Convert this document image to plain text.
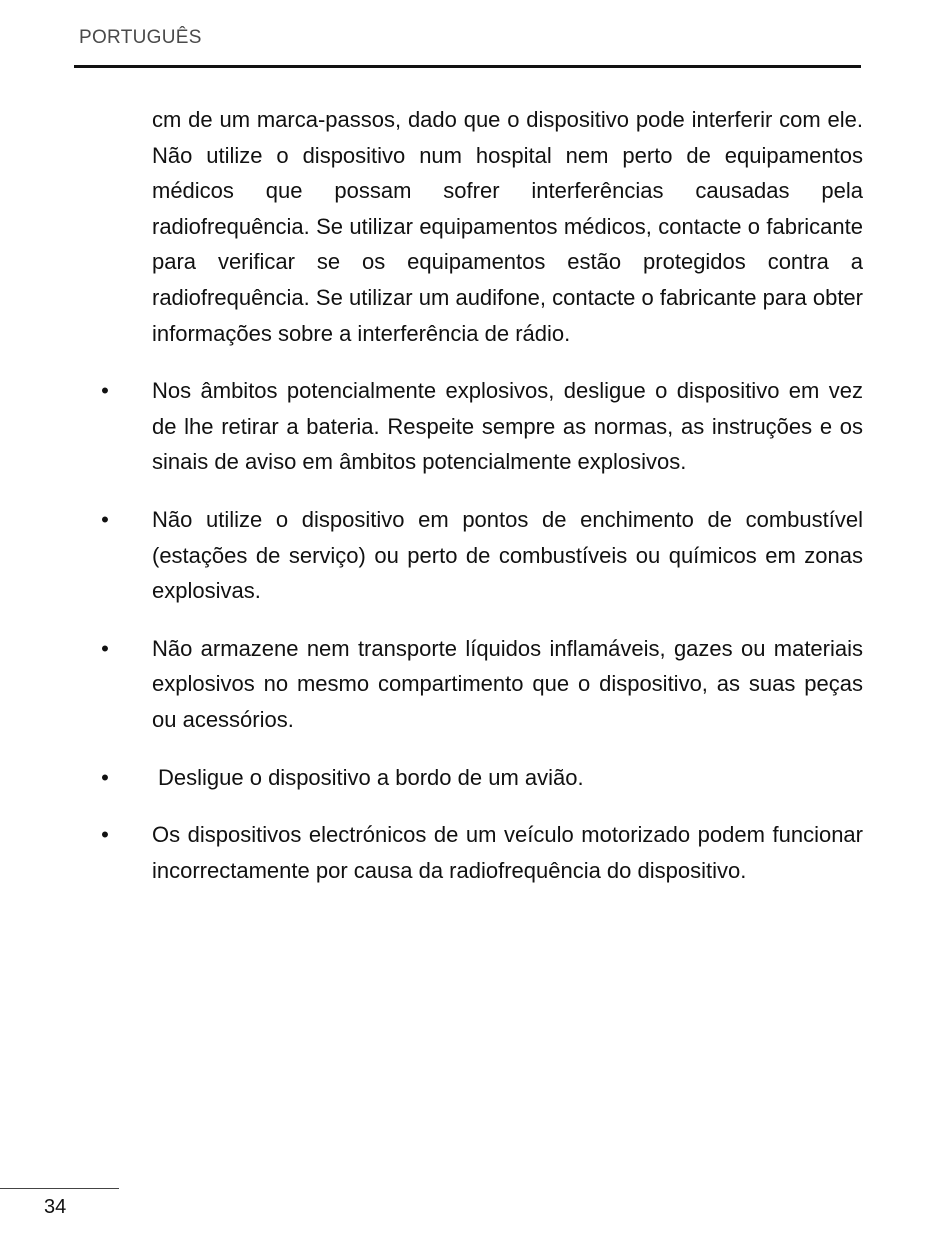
PORTUGUÊS

cm de um marca-passos, dado que o dispositivo pode interferir com ele. Não utilize o dispositivo num hospital nem perto de equipamentos médicos que possam sofrer interferências causadas pela radiofrequência. Se utilizar equipamentos médicos, contacte o fabricante para verificar se os equipamentos estão protegidos contra a radiofrequência. Se utilizar um audifone, contacte o fabricante para obter informações sobre a interferência de rádio.

• Nos âmbitos potencialmente explosivos, desligue o dispositivo em vez de lhe retirar a bateria. Respeite sempre as normas, as instruções e os sinais de aviso em âmbitos potencialmente explosivos.
• Não utilize o dispositivo em pontos de enchimento de combustível (estações de serviço) ou perto de combustíveis ou químicos em zonas explosivas.
• Não armazene nem transporte líquidos inflamáveis, gazes ou materiais explosivos no mesmo compartimento que o dispositivo, as suas peças ou acessórios.
• Desligue o dispositivo a bordo de um avião.
• Os dispositivos electrónicos de um veículo motorizado podem funcionar incorrectamente por causa da radiofrequência do dispositivo.
34
